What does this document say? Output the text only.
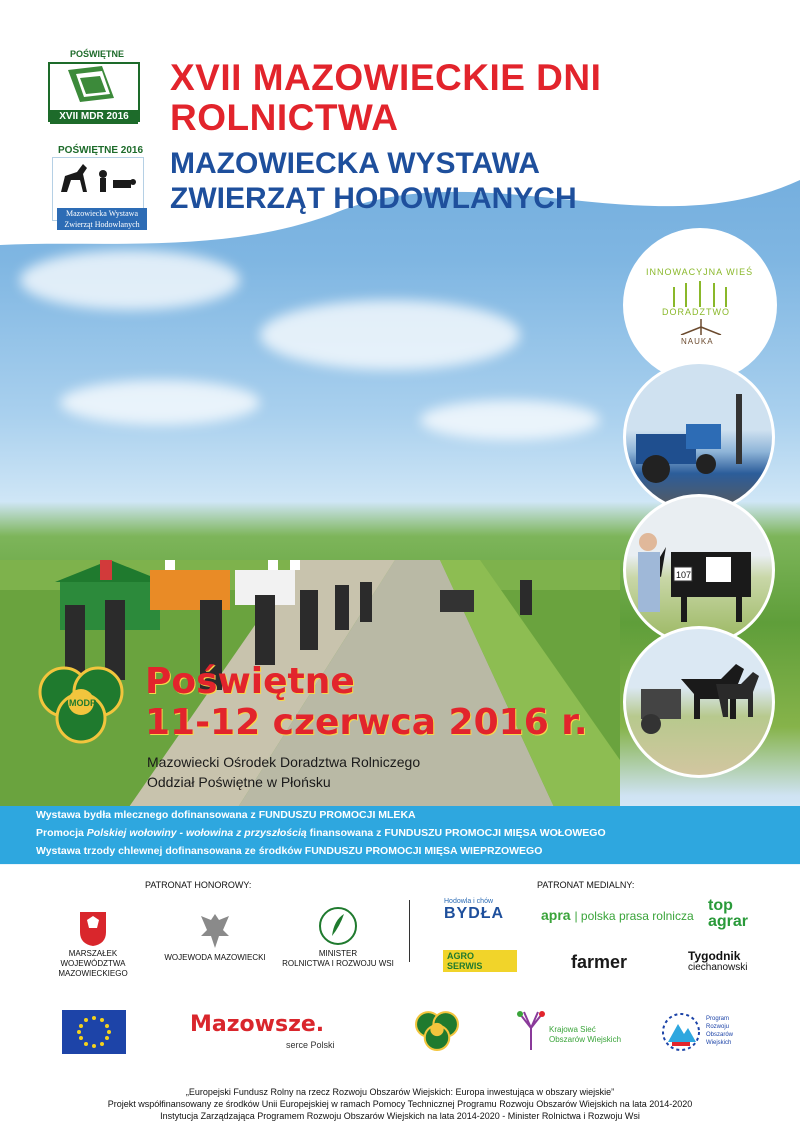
POŚWIĘTNE
XVII MDR 2016
POŚWIĘTNE 2016
Mazowiecka Wystawa
Zwierząt Hodowlanych
XVII MAZOWIECKIE DNI
ROLNICTWA
MAZOWIECKA WYSTAWA
ZWIERZĄT HODOWLANYCH
INNOWACYJNA WIEŚ
DORADZTWO
NAUKA
107
MODR
Poświętne
11-12 czerwca 2016 r.
Mazowiecki Ośrodek Doradztwa Rolniczego
Oddział Poświętne w Płońsku
Wystawa bydła mlecznego dofinansowana z FUNDUSZU PROMOCJI MLEKA
Promocja Polskiej wołowiny - wołowina z przyszłością finansowana z FUNDUSZU PROMOCJI MIĘSA WOŁOWEGO
Wystawa trzody chlewnej dofinansowana ze środków FUNDUSZU PROMOCJI MIĘSA WIEPRZOWEGO
PATRONAT HONOROWY:	PATRONAT MEDIALNY:
MARSZAŁEK
WOJEWÓDZTWA MAZOWIECKIEGO
WOJEWODA MAZOWIECKI	MINISTER
ROLNICTWA I ROZWOJU WSI
Hodowla i chów
BYDŁA	apra | polska prasa rolnicza
top
agrar
AGRO
SERWIS	farmer	Tygodnik
ciechanowski
Mazowsze.
serce Polski
Krajowa Sieć
Obszarów Wiejskich
Program
Rozwoju
Obszarów
Wiejskich
„Europejski Fundusz Rolny na rzecz Rozwoju Obszarów Wiejskich: Europa inwestująca w obszary wiejskie”
Projekt współfinansowany ze środków Unii Europejskiej w ramach Pomocy Technicznej Programu Rozwoju Obszarów Wiejskich na lata 2014-2020
Instytucja Zarządzająca Programem Rozwoju Obszarów Wiejskich na lata 2014-2020 - Minister Rolnictwa i Rozwoju Wsi
